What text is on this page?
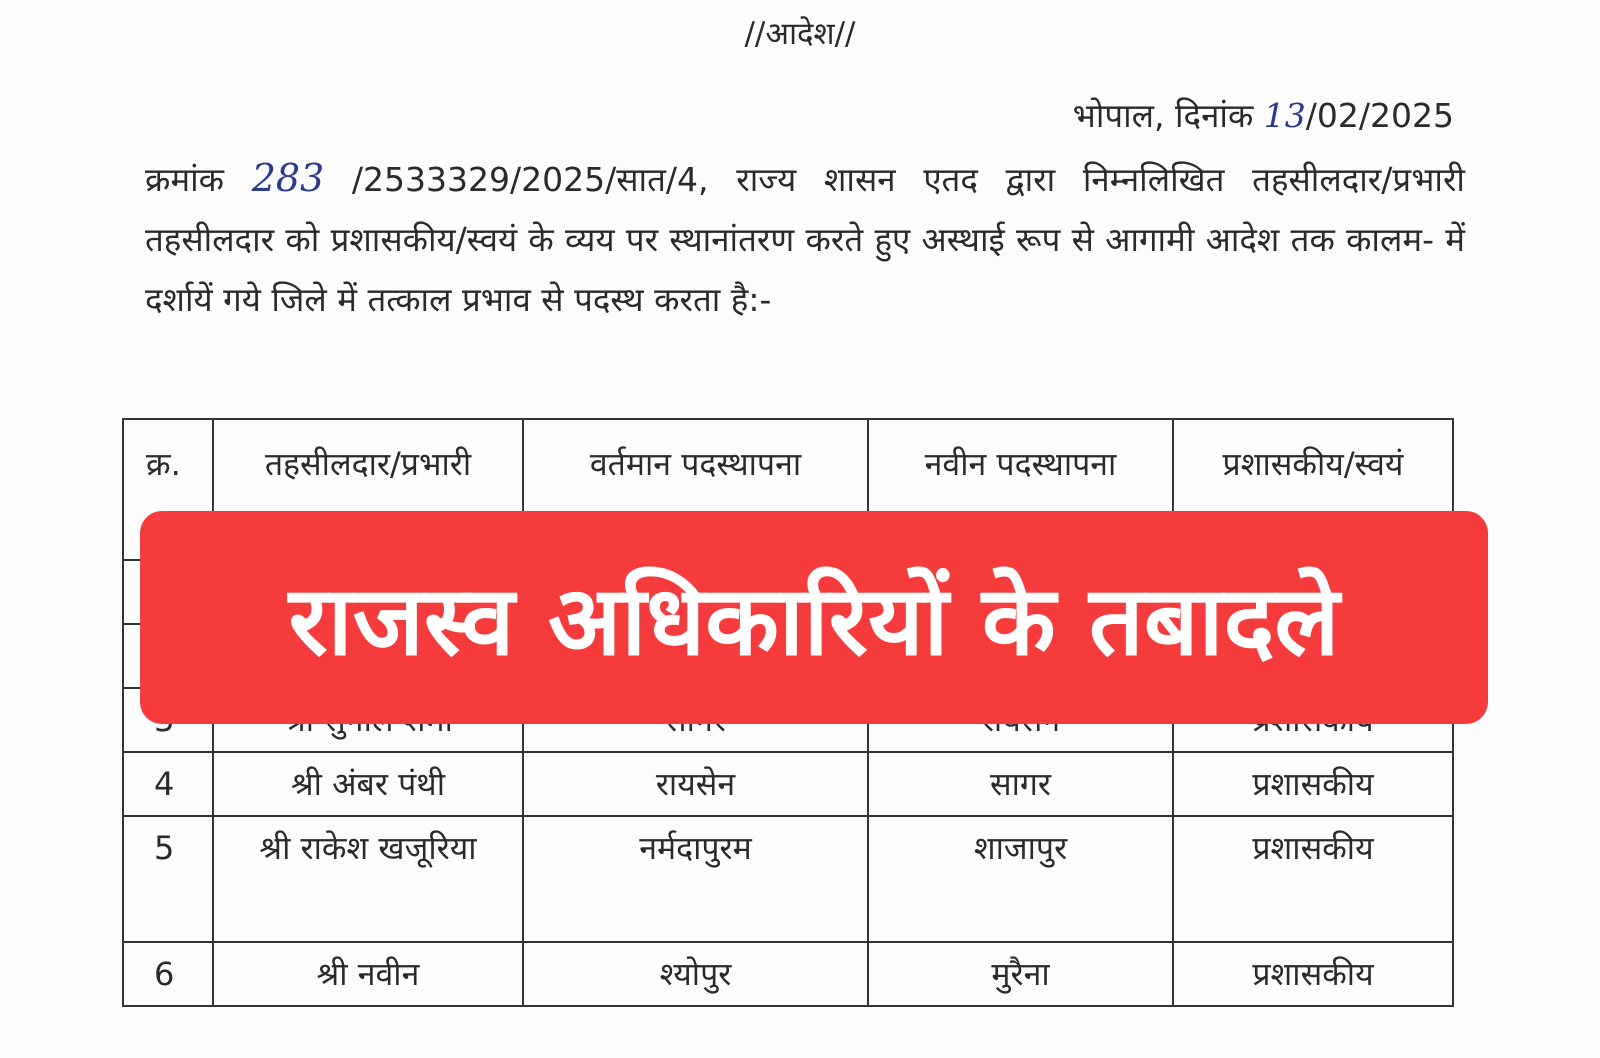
//आदेश//
भोपाल, दिनांक 13/02/2025
क्रमांक 283 /2533329/2025/सात/4, राज्य शासन एतद द्वारा निम्नलिखित तहसीलदार/प्रभारी तहसीलदार को प्रशासकीय/स्वयं के व्यय पर स्थानांतरण करते हुए अस्थाई रूप से आगामी आदेश तक कालम- में दर्शायें गये जिले में तत्काल प्रभाव से पदस्थ करता है:-
क्र.	तहसीलदार/प्रभारी	वर्तमान पदस्थापना	नवीन पदस्थापना	प्रशासकीय/स्वयं

4	श्री अंबर पंथी	रायसेन	सागर	प्रशासकीय
5	श्री राकेश खजूरिया	नर्मदापुरम	शाजापुर	प्रशासकीय
6	श्री नवीन	श्योपुर	मुरैना	प्रशासकीय
राजस्व अधिकारियों के तबादले
